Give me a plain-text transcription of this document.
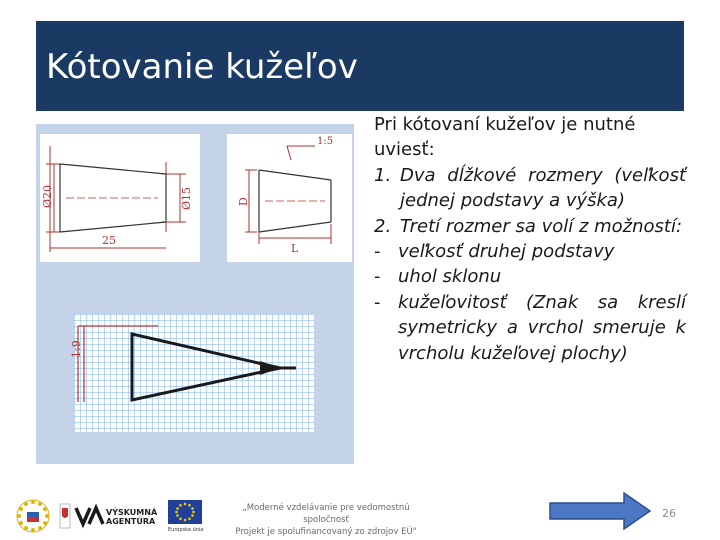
Kótovanie kužeľov
Ø20	Ø15
25
1:5
D
L
1:9

Pri kótovaní kužeľov je nutné uviesť:

1. Dva dĺžkové rozmery (veľkosť jednej podstavy a výška)
2. Tretí rozmer sa volí z možností:
- veľkosť druhej podstavy
- uhol sklonu
- kužeľovitosť (Znak sa kreslí symetricky a vrchol smeruje k vrcholu kužeľovej plochy)
VÝSKUMNÁ
AGENTÚRA
Európska únia
„Moderné vzdelávanie pre vedomostnú spoločnosť
Projekt je spolufinancovaný zo zdrojov EÚ"
26
